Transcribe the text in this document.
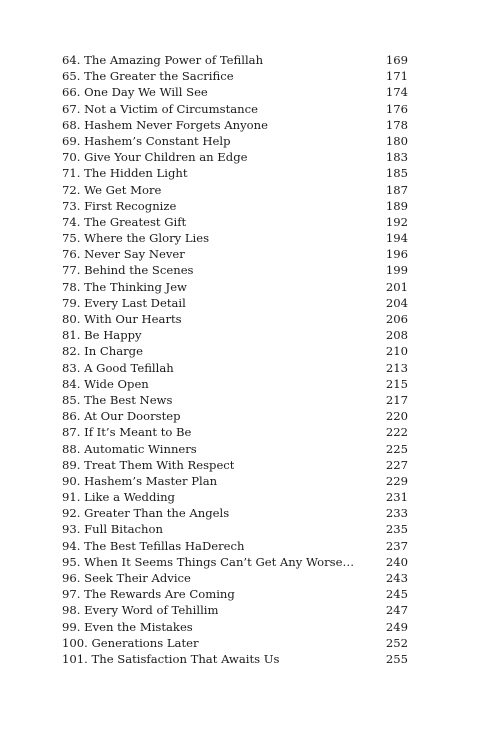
64. The Amazing Power of Tefillah	169
65. The Greater the Sacrifice	171
66. One Day We Will See	174
67. Not a Victim of Circumstance	176
68. Hashem Never Forgets Anyone	178
69. Hashem’s Constant Help	180
70. Give Your Children an Edge	183
71. The Hidden Light	185
72. We Get More	187
73. First Recognize	189
74. The Greatest Gift	192
75. Where the Glory Lies	194
76. Never Say Never	196
77. Behind the Scenes	199
78. The Thinking Jew	201
79. Every Last Detail	204
80. With Our Hearts	206
81. Be Happy	208
82. In Charge	210
83. A Good Tefillah	213
84. Wide Open	215
85. The Best News	217
86. At Our Doorstep	220
87. If It’s Meant to Be	222
88. Automatic Winners	225
89. Treat Them With Respect	227
90. Hashem’s Master Plan	229
91. Like a Wedding	231
92. Greater Than the Angels	233
93. Full Bitachon	235
94. The Best Tefillas HaDerech	237
95. When It Seems Things Can’t Get Any Worse…	240
96. Seek Their Advice	243
97. The Rewards Are Coming	245
98. Every Word of Tehillim	247
99. Even the Mistakes	249
100. Generations Later	252
101. The Satisfaction That Awaits Us	255
